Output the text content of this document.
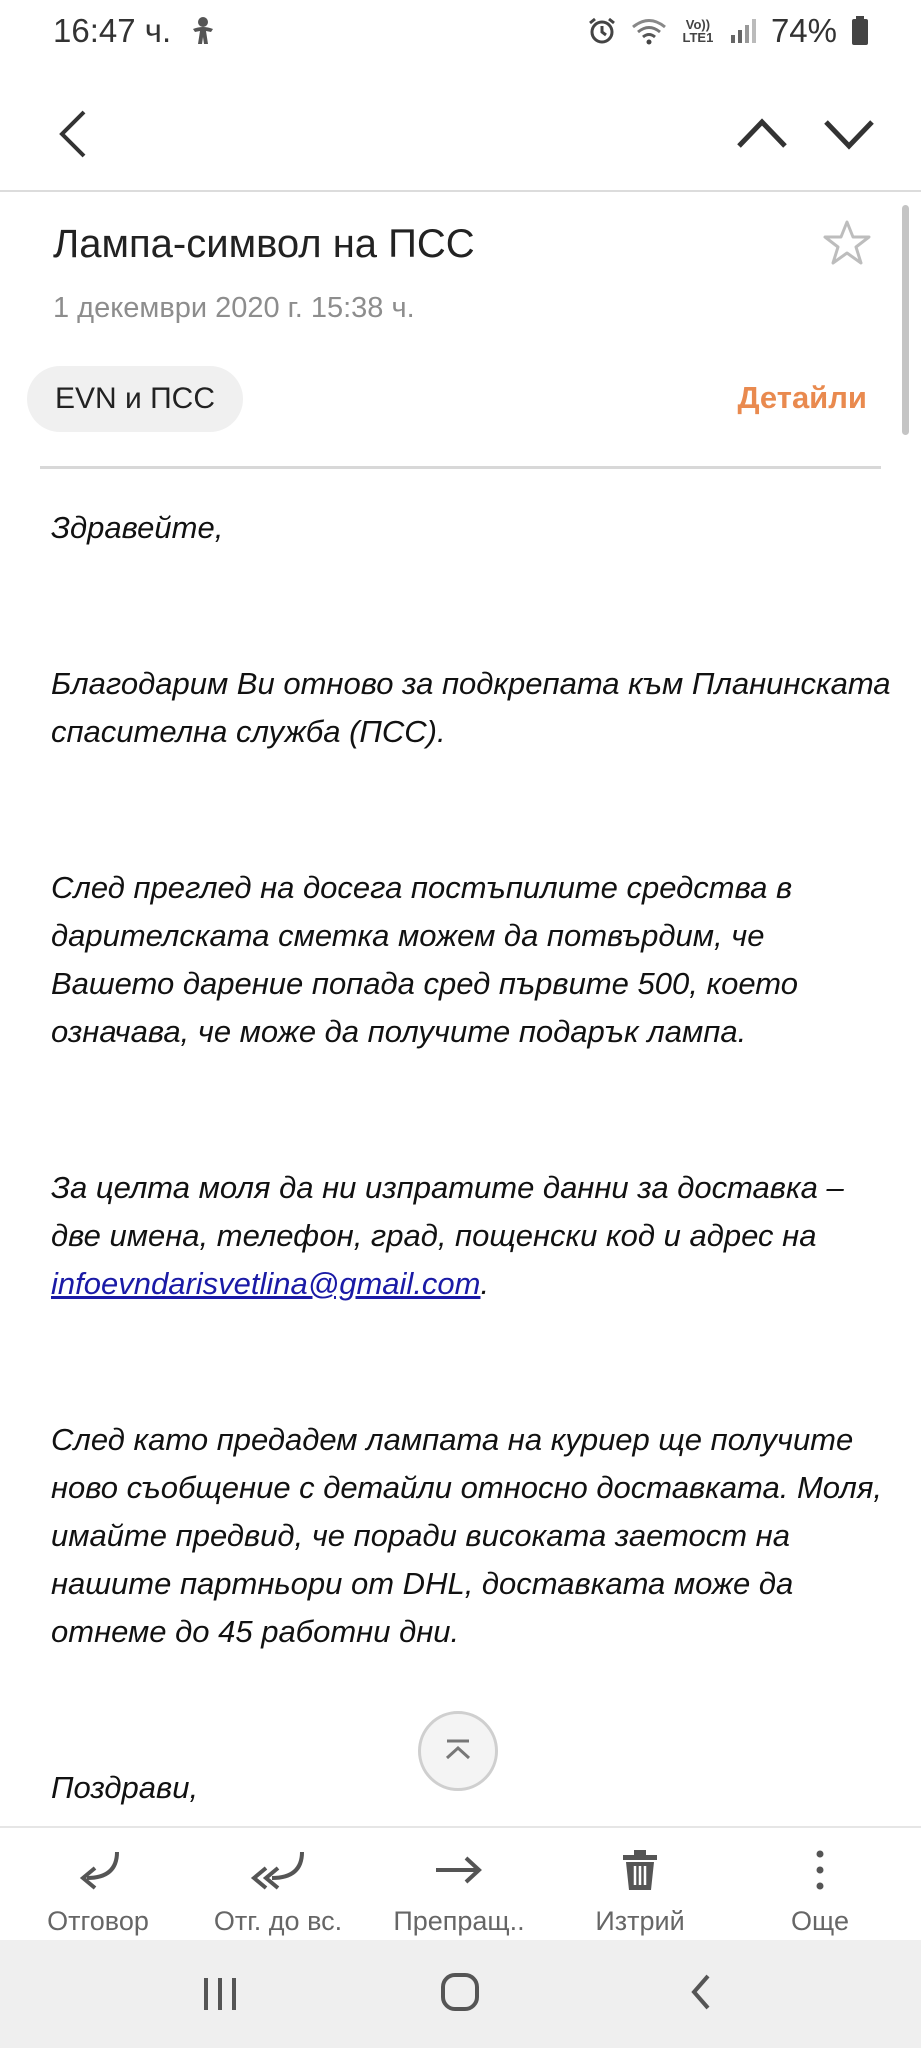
16:47 ч.	Vo)) LTE1 74%
Лампа-символ на ПСС
1 декември 2020 г. 15:38 ч.
EVN и ПСС	Детайли

Здравейте,

Благодарим Ви отново за подкрепата към Планинската спасителна служба (ПСС).

След преглед на досега постъпилите средства в дарителската сметка можем да потвърдим, че Вашето дарение попада сред първите 500, което означава, че може да получите подарък лампа.

За целта моля да ни изпратите данни за доставка – две имена, телефон, град, пощенски код и адрес на infoevndarisvetlina@gmail.com.

След като предадем лампата на куриер ще получите ново съобщение с детайли относно доставката. Моля, имайте предвид, че поради високата заетост на нашите партньори от DHL, доставката може да отнеме до 45 работни дни.

Поздрави,

Отговор	Отг. до вс.	Препращ..	Изтрий	Още
